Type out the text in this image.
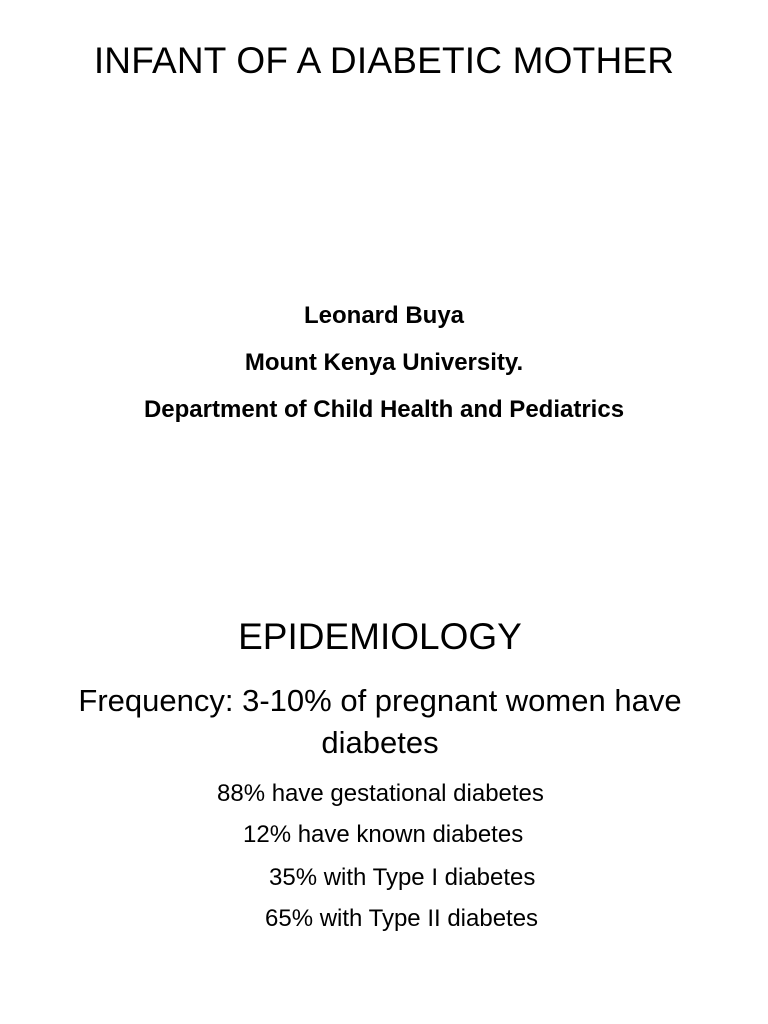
INFANT OF A DIABETIC MOTHER
Leonard Buya
Mount Kenya University.
Department of Child Health and Pediatrics
EPIDEMIOLOGY
Frequency: 3-10% of pregnant women have diabetes
88% have gestational diabetes
12% have known diabetes
35% with Type I diabetes
65% with Type II diabetes
